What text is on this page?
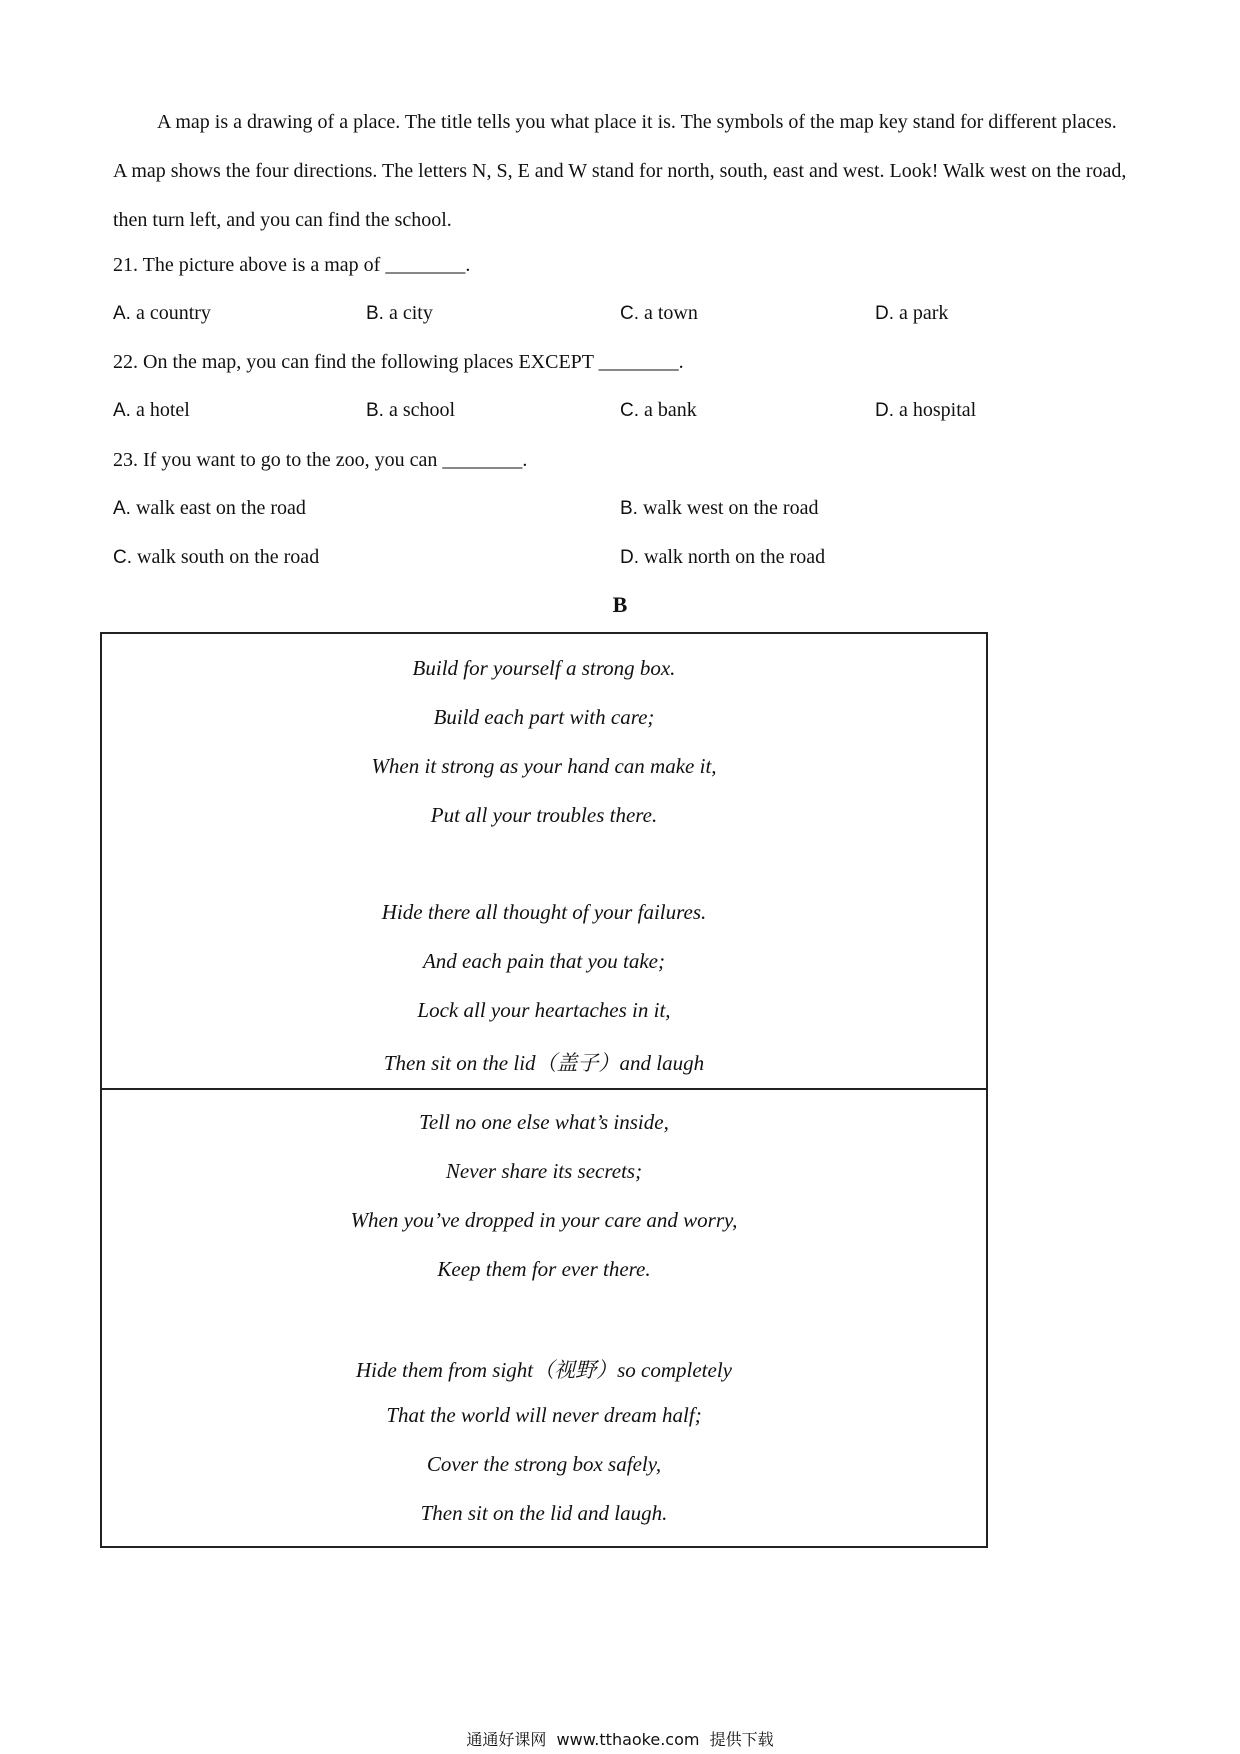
A map is a drawing of a place. The title tells you what place it is. The symbols of the map key stand for different places. A map shows the four directions. The letters N, S, E and W stand for north, south, east and west. Look! Walk west on the road, then turn left, and you can find the school.

21. The picture above is a map of ________.

A. a country	B. a city	C. a town	D. a park

22. On the map, you can find the following places EXCEPT ________.

A. a hotel	B. a school	C. a bank	D. a hospital

23. If you want to go to the zoo, you can ________.

A. walk east on the road	B. walk west on the road
C. walk south on the road	D. walk north on the road

B

Build for yourself a strong box.
Build each part with care;
When it strong as your hand can make it,
Put all your troubles there.
Hide there all thought of your failures.
And each pain that you take;
Lock all your heartaches in it,
Then sit on the lid（盖子）and laugh
Tell no one else what’s inside,
Never share its secrets;
When you’ve dropped in your care and worry,
Keep them for ever there.
Hide them from sight（视野）so completely
That the world will never dream half;
Cover the strong box safely,
Then sit on the lid and laugh.
通通好课网  www.tthaoke.com  提供下载
